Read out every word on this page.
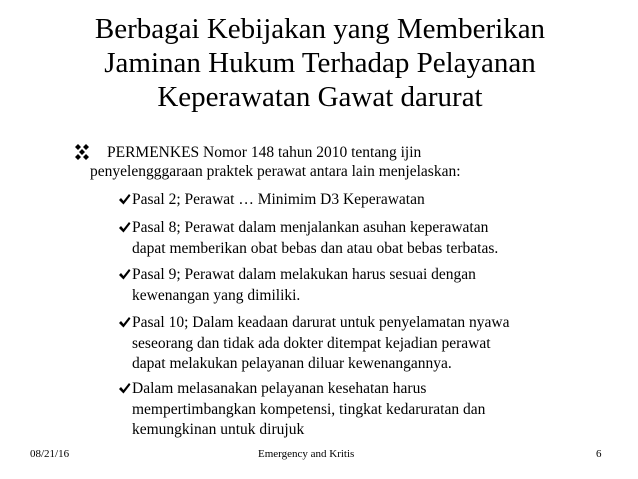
Berbagai Kebijakan yang Memberikan
Jaminan Hukum Terhadap Pelayanan
Keperawatan Gawat darurat
PERMENKES Nomor 148 tahun 2010 tentang ijin
penyelengggaraan praktek perawat antara lain menjelaskan:
Pasal 2; Perawat … Minimim D3 Keperawatan
Pasal 8; Perawat dalam menjalankan asuhan keperawatan
dapat memberikan obat bebas dan atau obat bebas terbatas.
Pasal 9; Perawat dalam melakukan harus sesuai dengan
kewenangan yang dimiliki.
Pasal 10; Dalam keadaan darurat untuk penyelamatan nyawa
seseorang dan tidak ada dokter ditempat kejadian perawat
dapat melakukan pelayanan diluar kewenangannya.
Dalam melasanakan pelayanan kesehatan harus
mempertimbangkan kompetensi, tingkat kedaruratan dan
kemungkinan untuk dirujuk
08/21/16	Emergency and Kritis	6
